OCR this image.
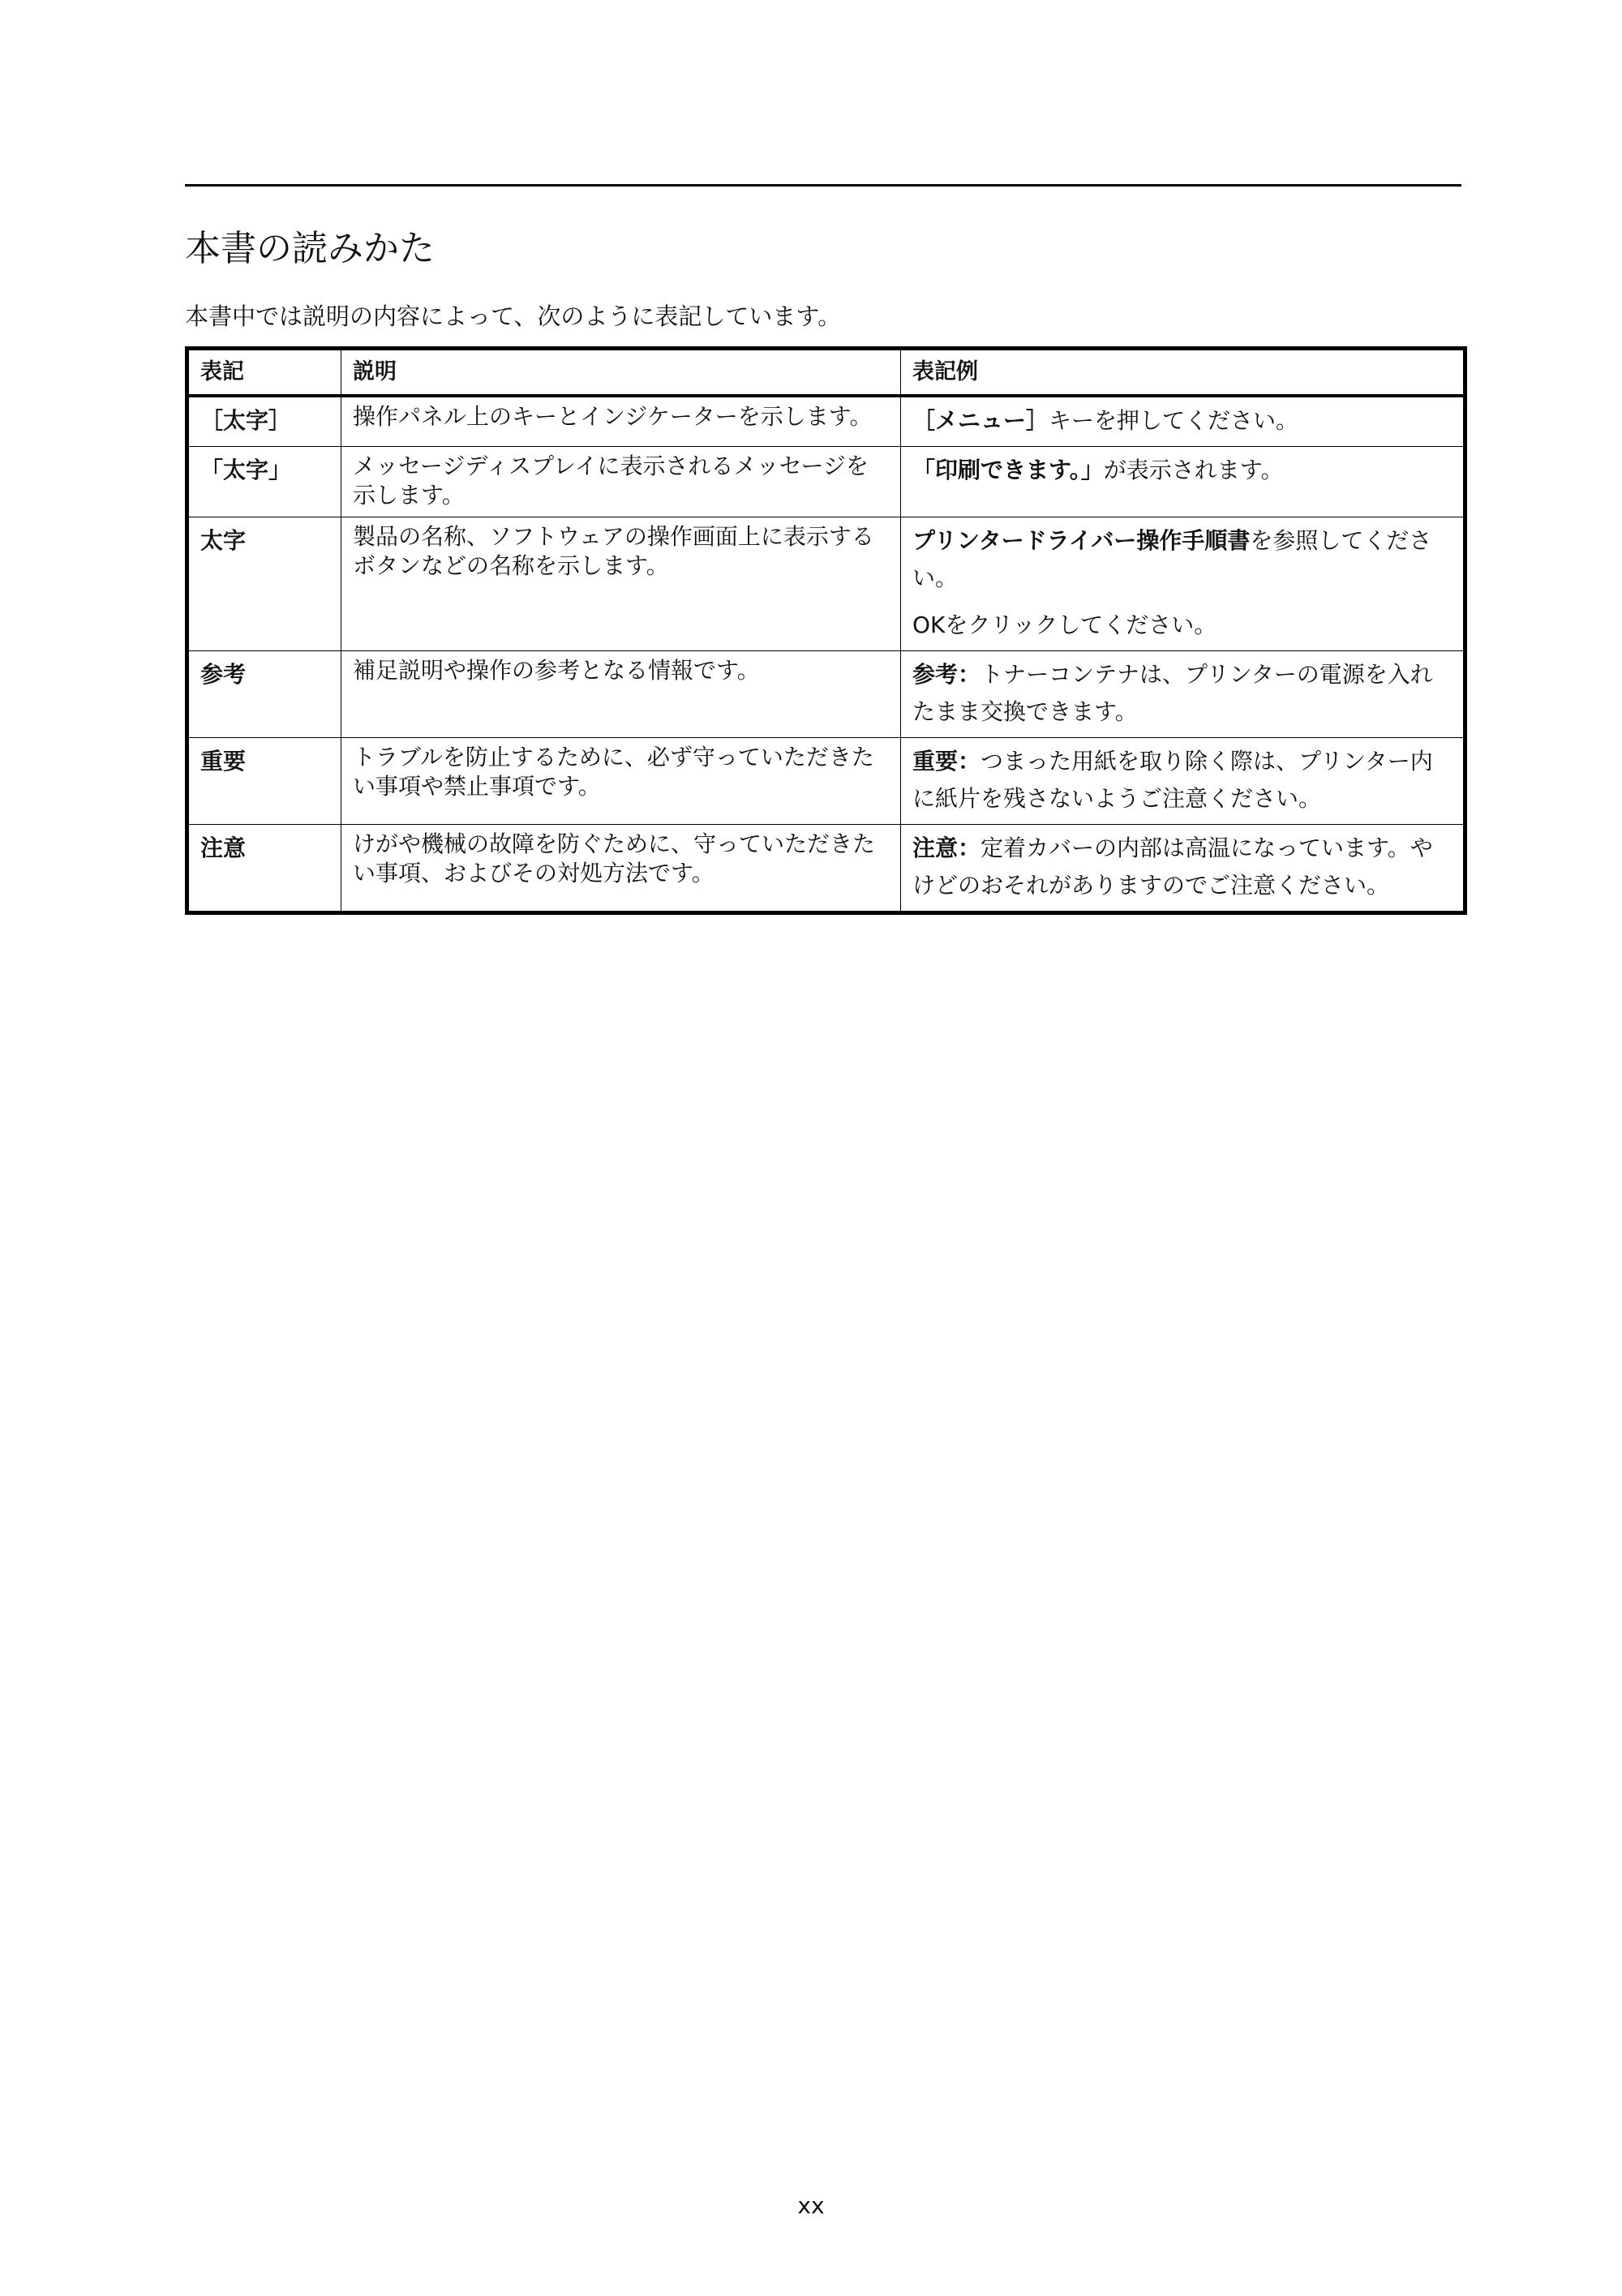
本書の読みかた

本書中では説明の内容によって、次のように表記しています。

表記	説明	表記例
［太字］	操作パネル上のキーとインジケーターを示します。	［メニュー］キーを押してください。
「太字」	メッセージディスプレイに表示されるメッセージを示します。	「印刷できます。」が表示されます。
太字	製品の名称、ソフトウェアの操作画面上に表示するボタンなどの名称を示します。	プリンタードライバー操作手順書を参照してください。
OKをクリックしてください。

参考	補足説明や操作の参考となる情報です。	参考：トナーコンテナは、プリンターの電源を入れたまま交換できます。
重要	トラブルを防止するために、必ず守っていただきたい事項や禁止事項です。	重要：つまった用紙を取り除く際は、プリンター内に紙片を残さないようご注意ください。
注意	けがや機械の故障を防ぐために、守っていただきたい事項、およびその対処方法です。	注意：定着カバーの内部は高温になっています。やけどのおそれがありますのでご注意ください。
xx
